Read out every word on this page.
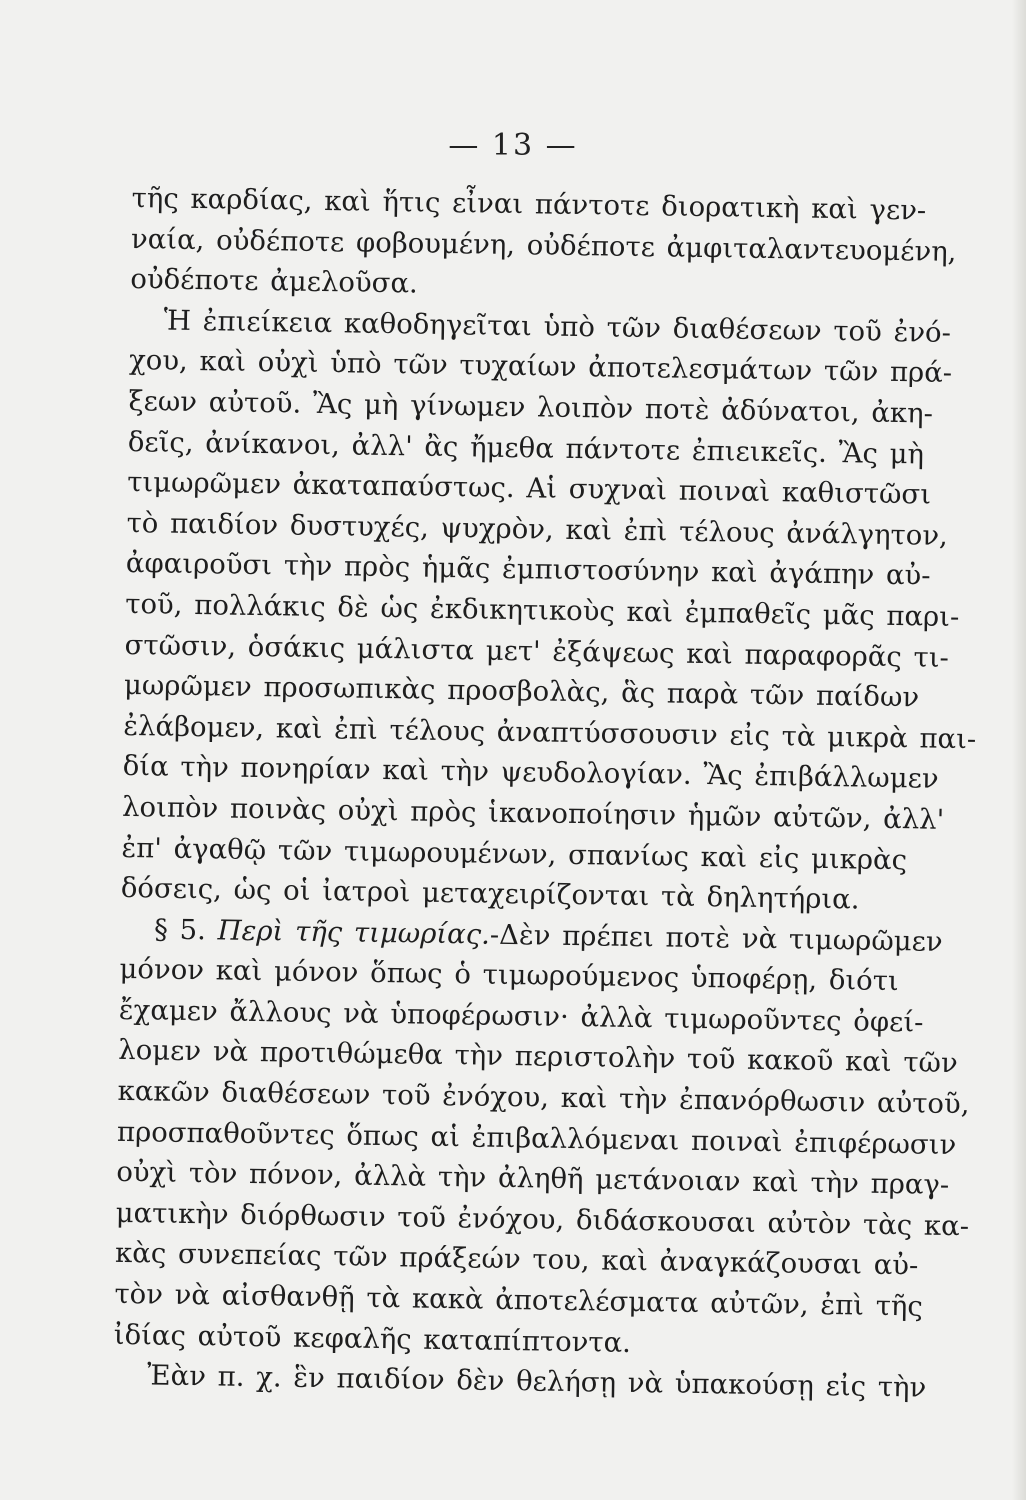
— 13 —
τῆς καρδίας, καὶ ἥτις εἶναι πάντοτε διορατικὴ καὶ γεν-
ναία, οὐδέποτε φοβουμένη, οὐδέποτε ἀμφιταλαντευομένη,
οὐδέποτε ἀμελοῦσα.
Ἡ ἐπιείκεια καθοδηγεῖται ὑπὸ τῶν διαθέσεων τοῦ ἐνό-
χου, καὶ οὐχὶ ὑπὸ τῶν τυχαίων ἀποτελεσμάτων τῶν πρά-
ξεων αὐτοῦ. Ἂς μὴ γίνωμεν λοιπὸν ποτὲ ἀδύνατοι, ἀκη-
δεῖς, ἀνίκανοι, ἀλλ' ἂς ἤμεθα πάντοτε ἐπιεικεῖς. Ἂς μὴ
τιμωρῶμεν ἀκαταπαύστως. Αἱ συχναὶ ποιναὶ καθιστῶσι
τὸ παιδίον δυστυχές, ψυχρὸν, καὶ ἐπὶ τέλους ἀνάλγητον,
ἀφαιροῦσι τὴν πρὸς ἡμᾶς ἐμπιστοσύνην καὶ ἀγάπην αὐ-
τοῦ, πολλάκις δὲ ὡς ἐκδικητικοὺς καὶ ἐμπαθεῖς μᾶς παρι-
στῶσιν, ὁσάκις μάλιστα μετ' ἐξάψεως καὶ παραφορᾶς τι-
μωρῶμεν προσωπικὰς προσβολὰς, ἃς παρὰ τῶν παίδων
ἐλάβομεν, καὶ ἐπὶ τέλους ἀναπτύσσουσιν εἰς τὰ μικρὰ παι-
δία τὴν πονηρίαν καὶ τὴν ψευδολογίαν. Ἂς ἐπιβάλλωμεν
λοιπὸν ποινὰς οὐχὶ πρὸς ἱκανοποίησιν ἡμῶν αὐτῶν, ἀλλ'
ἐπ' ἀγαθῷ τῶν τιμωρουμένων, σπανίως καὶ εἰς μικρὰς
δόσεις, ὡς οἱ ἰατροὶ μεταχειρίζονται τὰ δηλητήρια.
§ 5. Περὶ τῆς τιμωρίας.-Δὲν πρέπει ποτὲ νὰ τιμωρῶμεν
μόνον καὶ μόνον ὅπως ὁ τιμωρούμενος ὑποφέρῃ, διότι
ἔχαμεν ἄλλους νὰ ὑποφέρωσιν· ἀλλὰ τιμωροῦντες ὀφεί-
λομεν νὰ προτιθώμεθα τὴν περιστολὴν τοῦ κακοῦ καὶ τῶν
κακῶν διαθέσεων τοῦ ἐνόχου, καὶ τὴν ἐπανόρθωσιν αὐτοῦ,
προσπαθοῦντες ὅπως αἱ ἐπιβαλλόμεναι ποιναὶ ἐπιφέρωσιν
οὐχὶ τὸν πόνον, ἀλλὰ τὴν ἀληθῆ μετάνοιαν καὶ τὴν πραγ-
ματικὴν διόρθωσιν τοῦ ἐνόχου, διδάσκουσαι αὐτὸν τὰς κα-
κὰς συνεπείας τῶν πράξεών του, καὶ ἀναγκάζουσαι αὐ-
τὸν νὰ αἰσθανθῇ τὰ κακὰ ἀποτελέσματα αὐτῶν, ἐπὶ τῆς
ἰδίας αὐτοῦ κεφαλῆς καταπίπτοντα.
Ἐὰν π. χ. ἓν παιδίον δὲν θελήσῃ νὰ ὑπακούσῃ εἰς τὴν
